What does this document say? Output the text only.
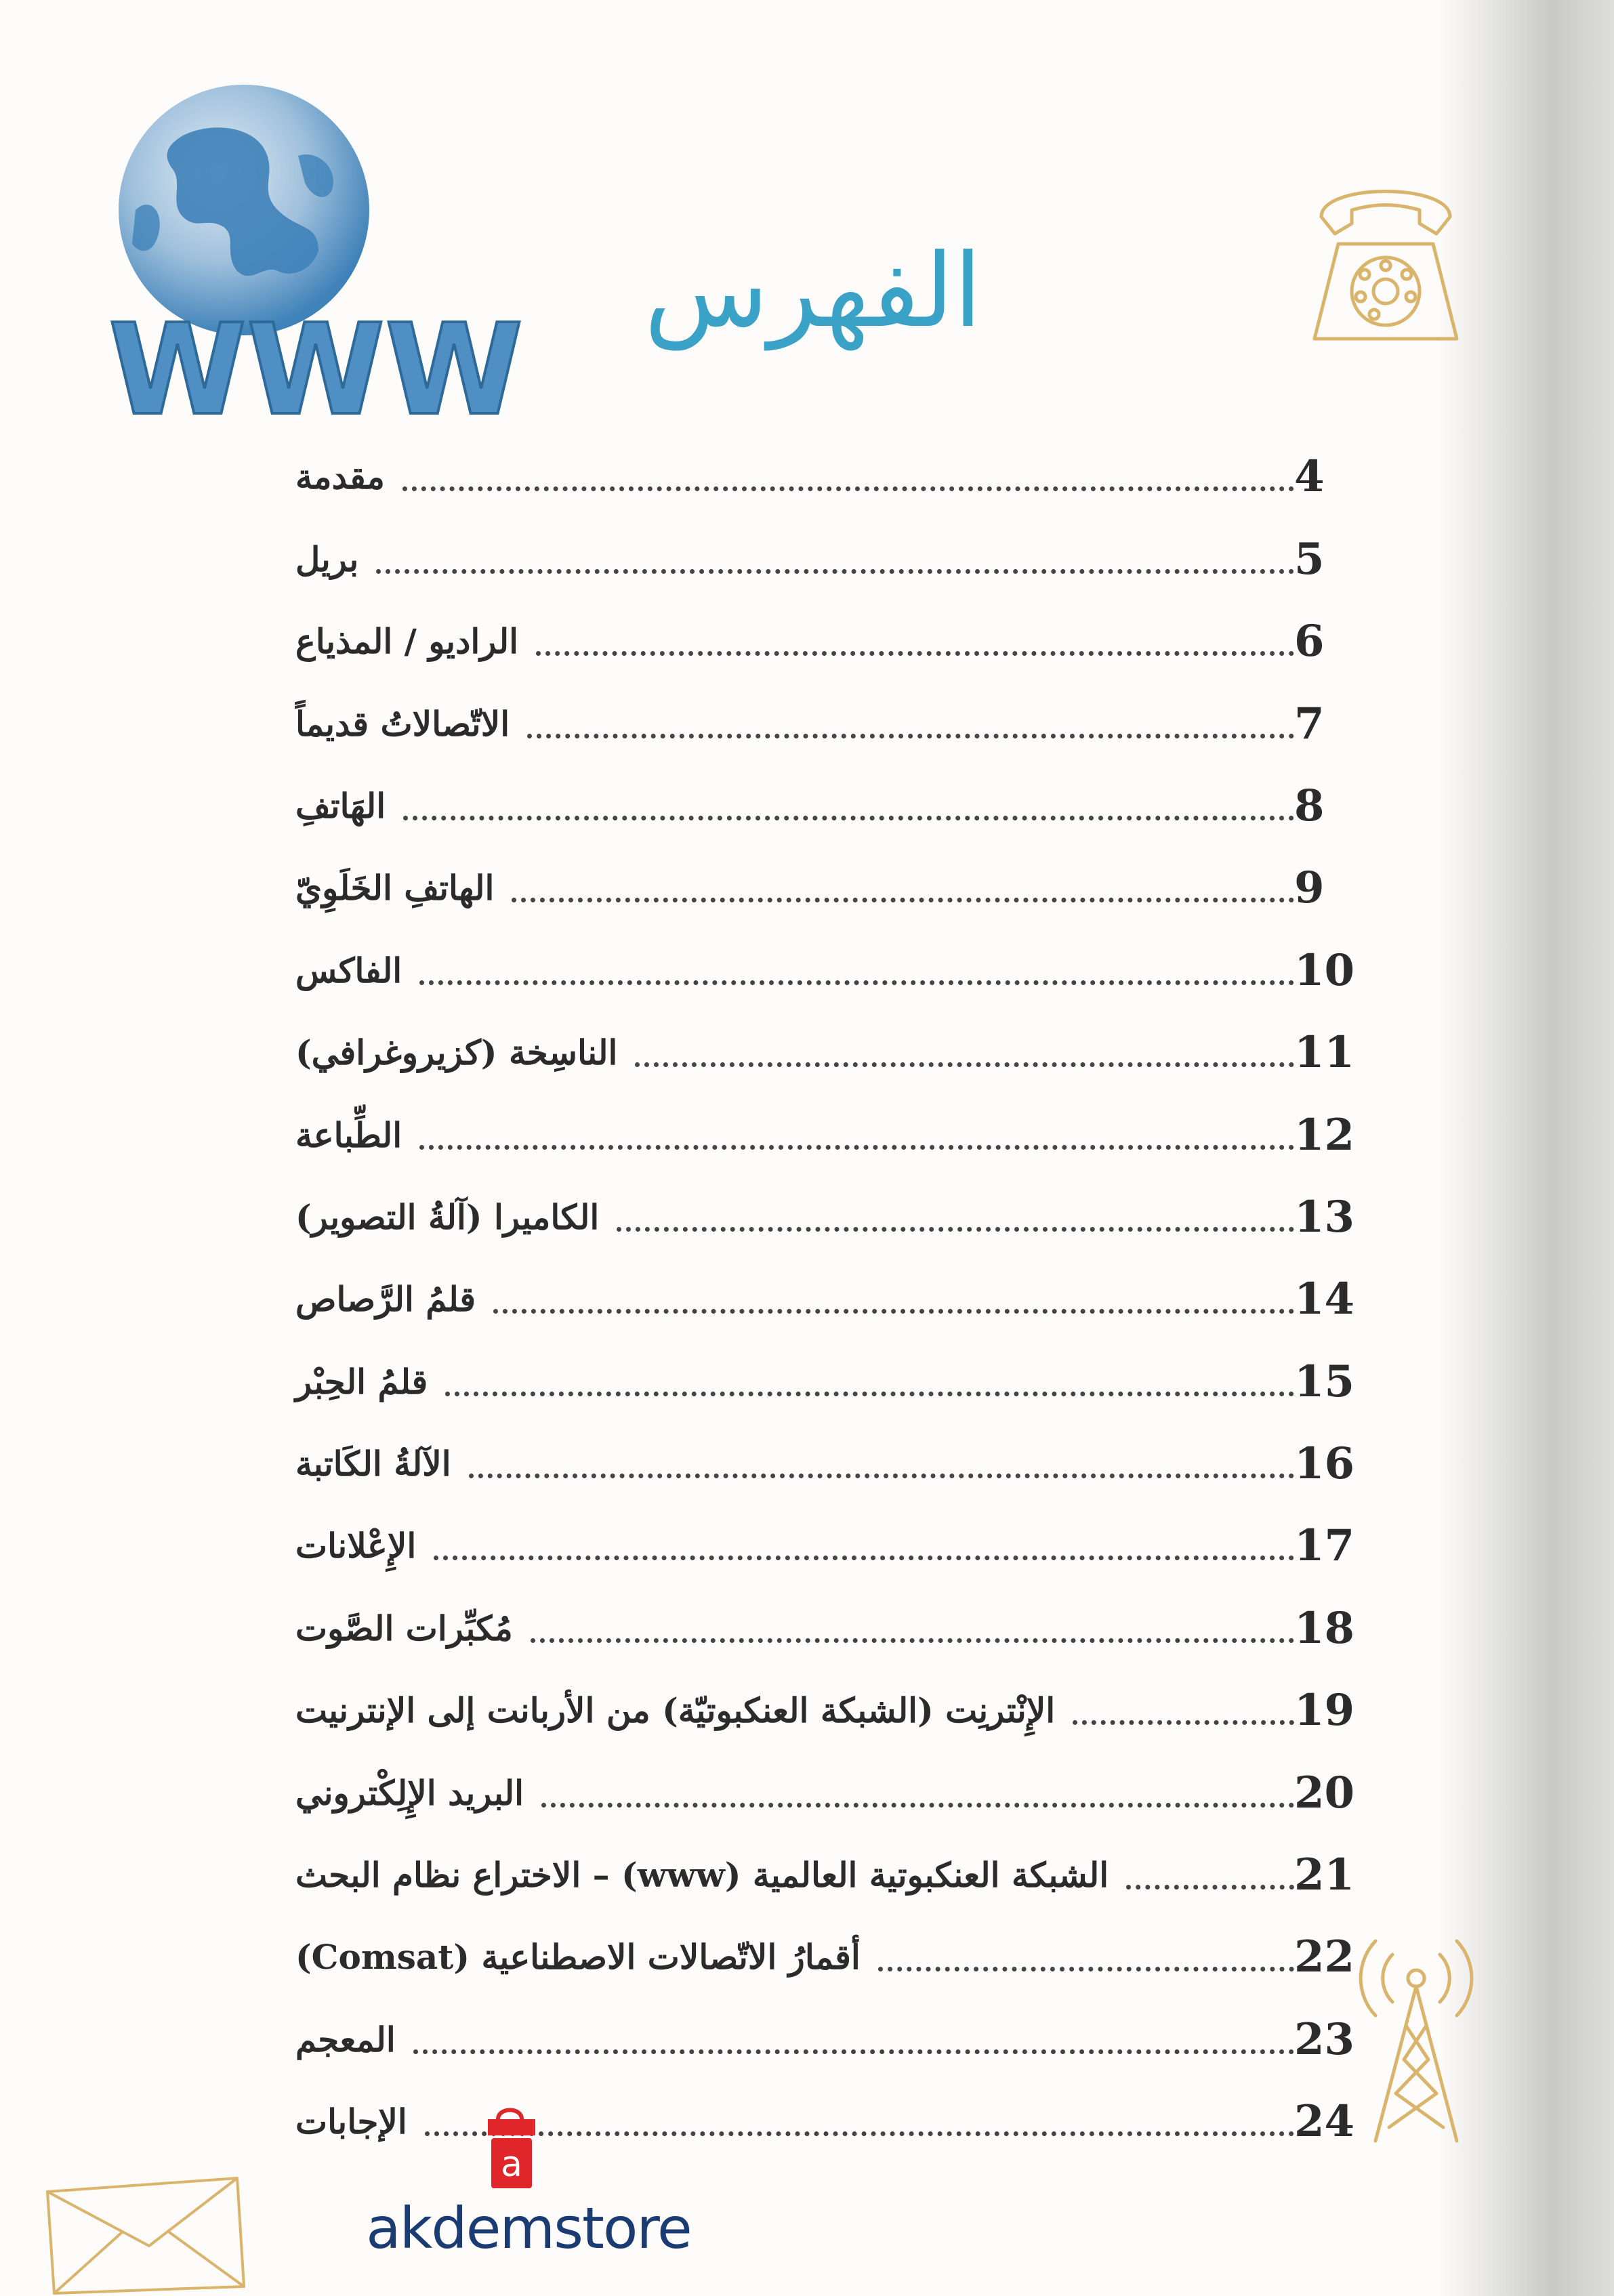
WWW
الفهرس
مقدمة	4
بريل	5
الراديو / المذياع	6
الاتّصالاتُ قديماً	7
الهَاتفِ	8
الهاتفِ الخَلَوِيّ	9
الفاكس	10
الناسِخة (كزيروغرافي)	11
الطِّباعة	12
الكاميرا (آلةُ التصوير)	13
قلمُ الرَّصاص	14
قلمُ الحِبْر	15
الآلةُ الكَاتبة	16
الإِعْلانات	17
مُكبِّرات الصَّوت	18
الإِنْترنِت (الشبكة العنكبوتيّة) من الأربانت إلى الإنترنيت	19
البريد الإِلِكْتروني	20
الشبكة العنكبوتية العالمية (www) – الاختراع نظام البحث	21
أقمارُ الاتّصالات الاصطناعية (Comsat)	22
المعجم	23
الإجابات	24
a
akdemstore
